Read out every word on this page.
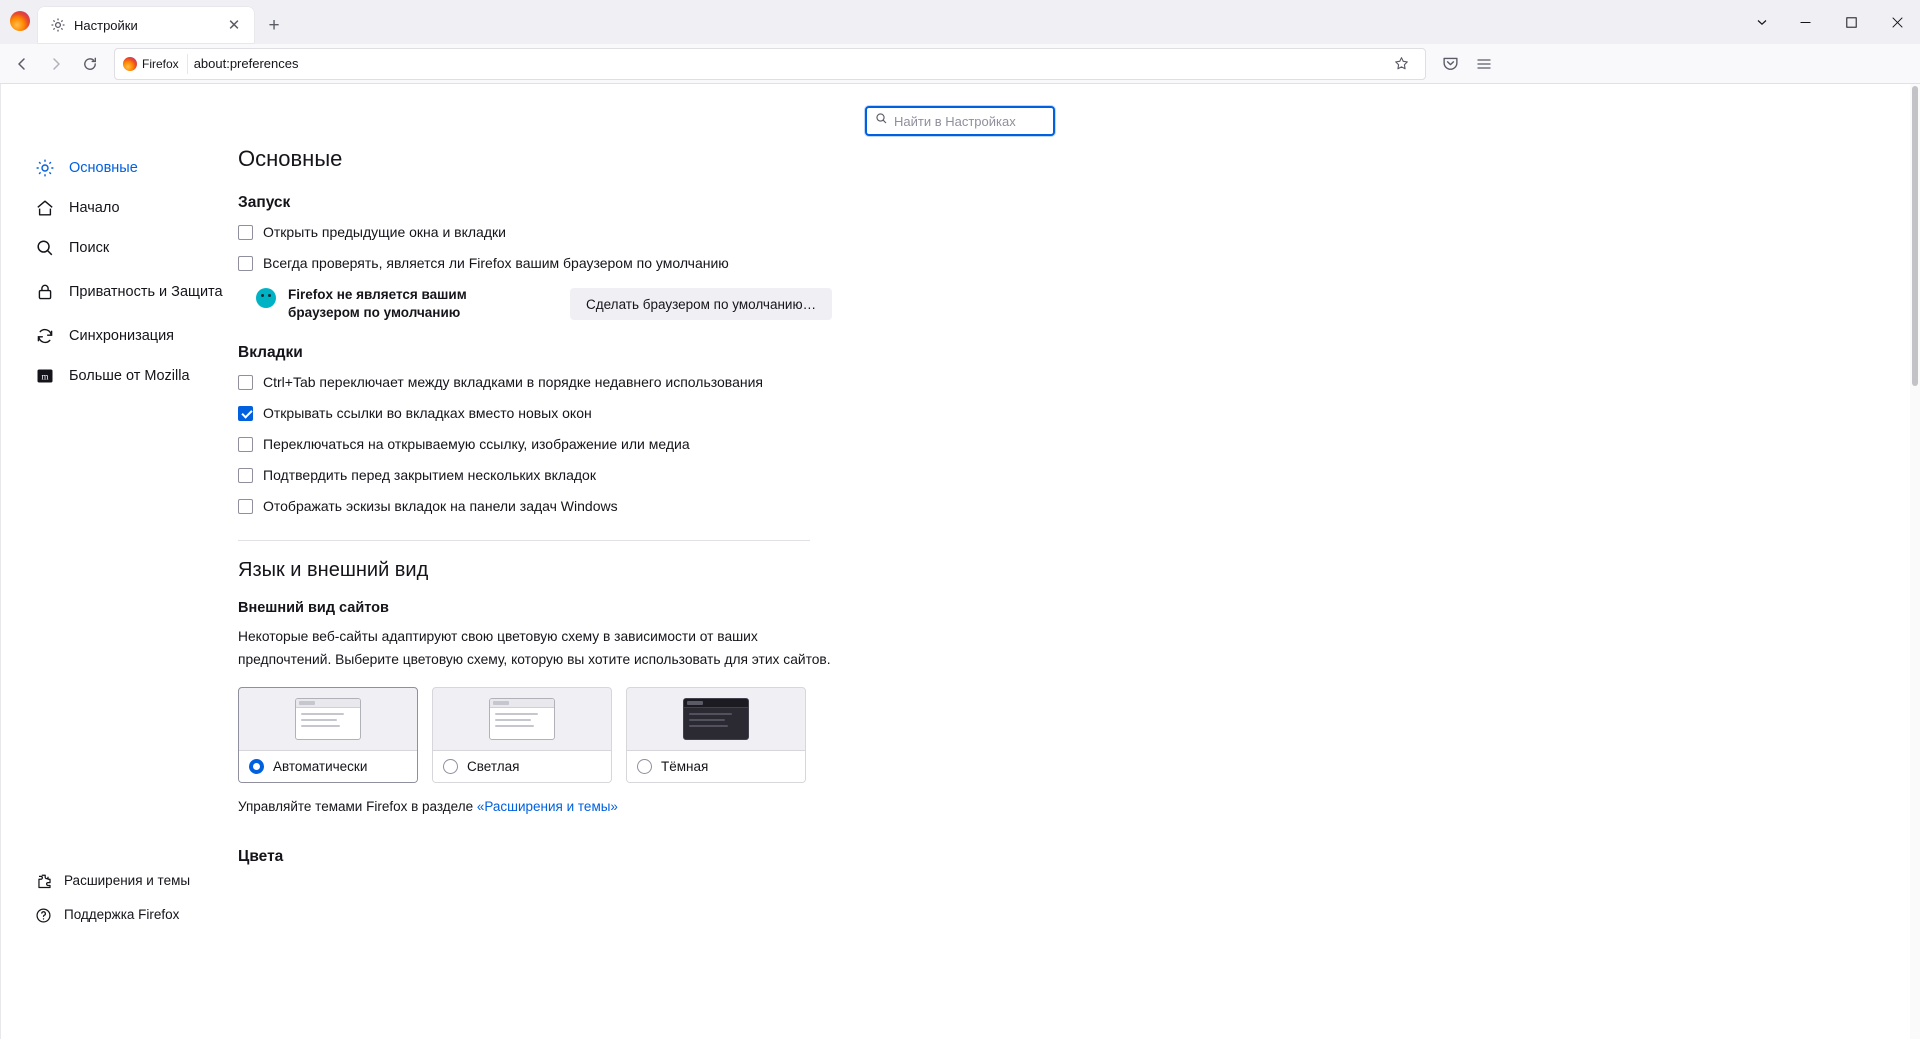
Настройки	✕	+
Firefox about:preferences
Найти в Настройках
Основные
Начало
Поиск
Приватность и Защита
Синхронизация
m Больше от Mozilla
Расширения и темы
Поддержка Firefox
Основные
Запуск
Открыть предыдущие окна и вкладки
Всегда проверять, является ли Firefox вашим браузером по умолчанию
Firefox не является вашим браузером по умолчанию
Сделать браузером по умолчанию…
Вкладки
Ctrl+Tab переключает между вкладками в порядке недавнего использования
Открывать ссылки во вкладках вместо новых окон
Переключаться на открываемую ссылку, изображение или медиа
Подтвердить перед закрытием нескольких вкладок
Отображать эскизы вкладок на панели задач Windows
Язык и внешний вид
Внешний вид сайтов

Некоторые веб-сайты адаптируют свою цветовую схему в зависимости от ваших предпочтений. Выберите цветовую схему, которую вы хотите использовать для этих сайтов.

Автоматически	Светлая	Тёмная
Управляйте темами Firefox в разделе «Расширения и темы»
Цвета
